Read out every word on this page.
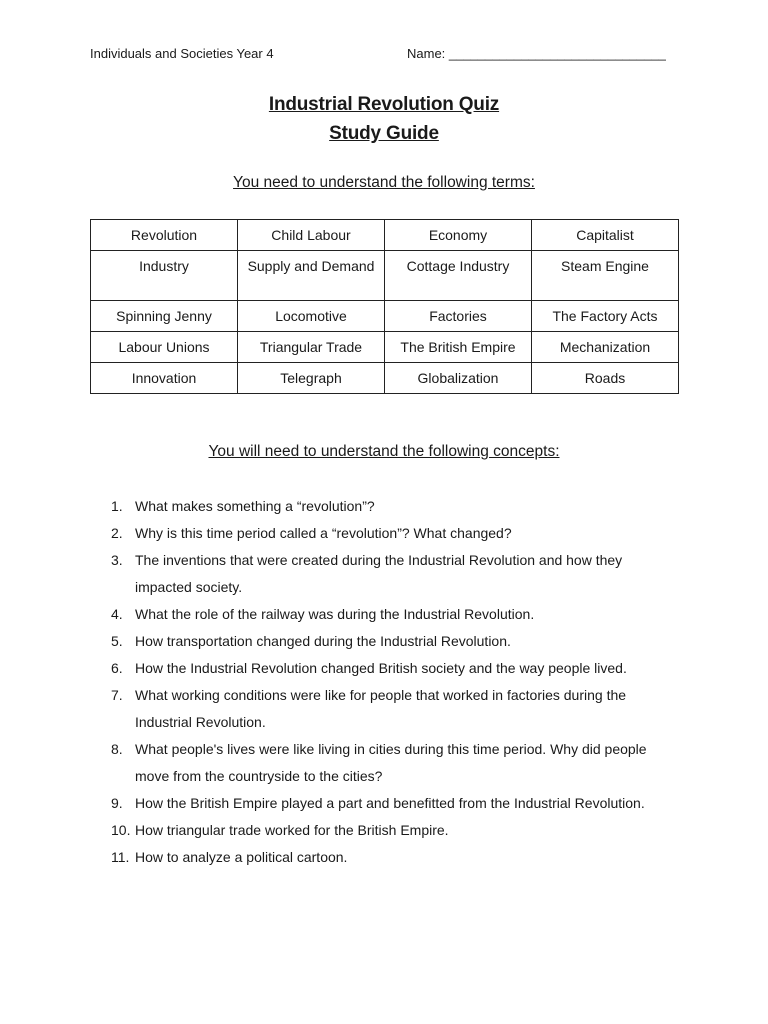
Individuals and Societies Year 4	Name: ______________________________
Industrial Revolution Quiz
Study Guide
You need to understand the following terms:
Revolution	Child Labour	Economy	Capitalist
Industry	Supply and Demand	Cottage Industry	Steam Engine
Spinning Jenny	Locomotive	Factories	The Factory Acts
Labour Unions	Triangular Trade	The British Empire	Mechanization
Innovation	Telegraph	Globalization	Roads
You will need to understand the following concepts:
1. What makes something a “revolution”?
2. Why is this time period called a “revolution”? What changed?
3. The inventions that were created during the Industrial Revolution and how they impacted society.
4. What the role of the railway was during the Industrial Revolution.
5. How transportation changed during the Industrial Revolution.
6. How the Industrial Revolution changed British society and the way people lived.
7. What working conditions were like for people that worked in factories during the Industrial Revolution.
8. What people's lives were like living in cities during this time period. Why did people move from the countryside to the cities?
9. How the British Empire played a part and benefitted from the Industrial Revolution.
10. How triangular trade worked for the British Empire.
11. How to analyze a political cartoon.
